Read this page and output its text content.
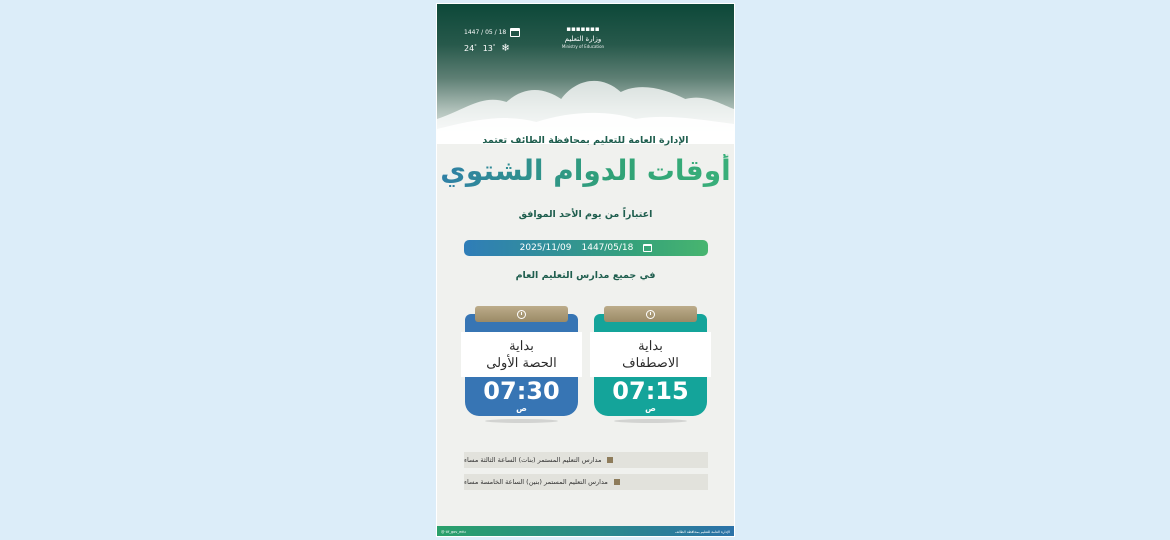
▪▪▪▪▪▪▪
وزارة التعليم
Ministry of Education
1447 / 05 / 18
24° 13° ❄
الإدارة العامة للتعليم بمحافظة الطائف تعتمد
أوقات الدوام الشتوي
اعتباراً من يوم الأحد الموافق
2025/11/09 1447/05/18
في جميع مدارس التعليم العام
بداية
الاصطفاف
07:15
ص
بداية
الحصة الأولى
07:30
ص
مدارس التعليم المستمر (بنات) الساعة الثالثة مساء
مدارس التعليم المستمر (بنين) الساعة الخامسة مساء
@ tif_gov_edu	الإدارة العامة للتعليم بمحافظة الطائف
